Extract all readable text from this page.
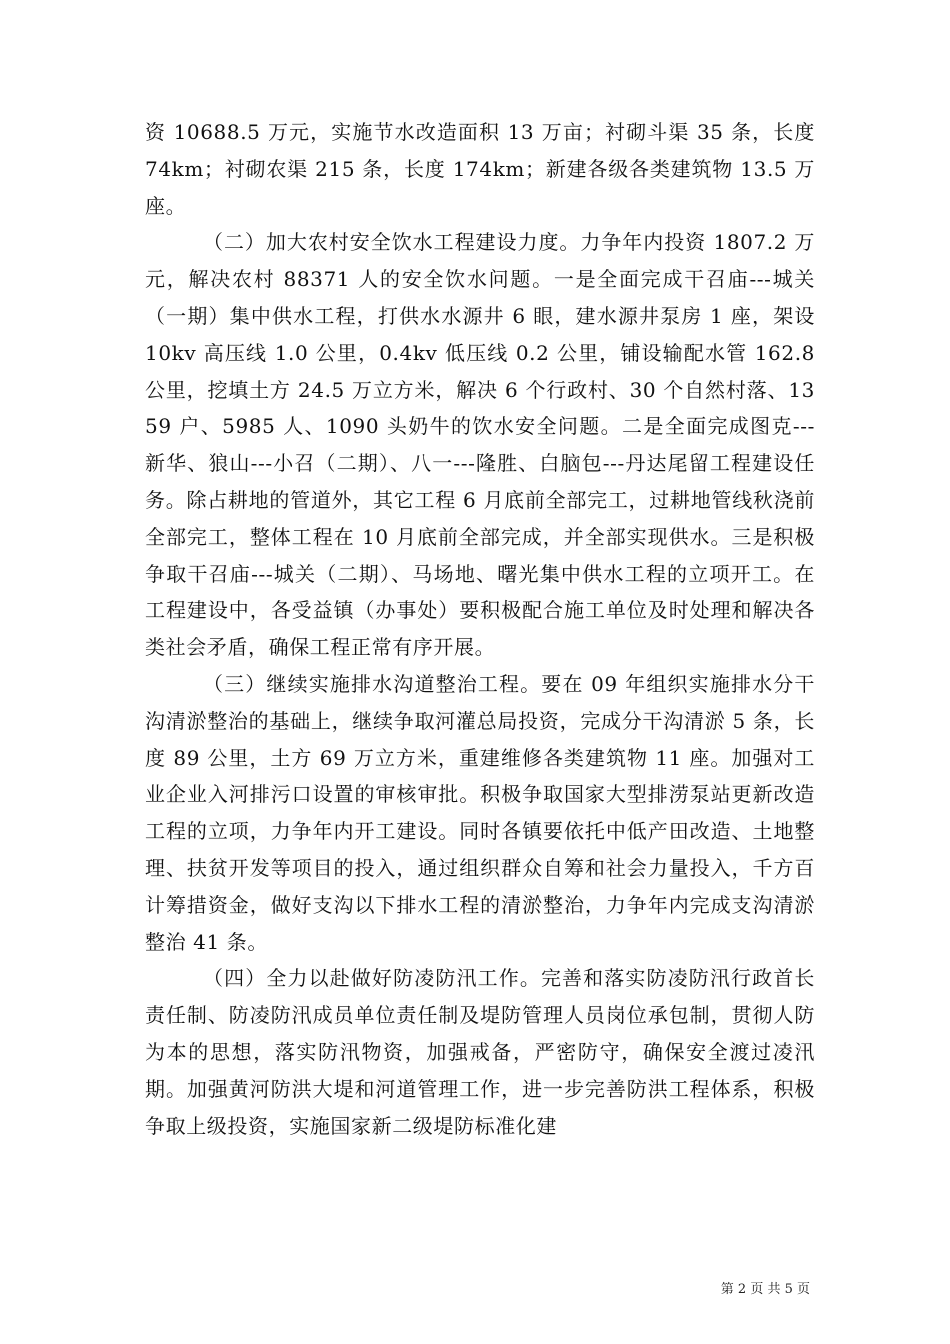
资 10688.5 万元，实施节水改造面积 13 万亩；衬砌斗渠 35 条，长度 74km；衬砌农渠 215 条，长度 174km；新建各级各类建筑物 13.5 万座。

（二）加大农村安全饮水工程建设力度。力争年内投资 1807.2 万元，解决农村 88371 人的安全饮水问题。一是全面完成干召庙---城关（一期）集中供水工程，打供水水源井 6 眼，建水源井泵房 1 座，架设 10kv 高压线 1.0 公里，0.4kv 低压线 0.2 公里，铺设输配水管 162.8 公里，挖填土方 24.5 万立方米，解决 6 个行政村、30 个自然村落、1359 户、5985 人、1090 头奶牛的饮水安全问题。二是全面完成图克---新华、狼山---小召（二期）、八一---隆胜、白脑包---丹达尾留工程建设任务。除占耕地的管道外，其它工程 6 月底前全部完工，过耕地管线秋浇前全部完工，整体工程在 10 月底前全部完成，并全部实现供水。三是积极争取干召庙---城关（二期）、马场地、曙光集中供水工程的立项开工。在工程建设中，各受益镇（办事处）要积极配合施工单位及时处理和解决各类社会矛盾，确保工程正常有序开展。

（三）继续实施排水沟道整治工程。要在 09 年组织实施排水分干沟清淤整治的基础上，继续争取河灌总局投资，完成分干沟清淤 5 条，长度 89 公里，土方 69 万立方米，重建维修各类建筑物 11 座。加强对工业企业入河排污口设置的审核审批。积极争取国家大型排涝泵站更新改造工程的立项，力争年内开工建设。同时各镇要依托中低产田改造、土地整理、扶贫开发等项目的投入，通过组织群众自筹和社会力量投入，千方百计筹措资金，做好支沟以下排水工程的清淤整治，力争年内完成支沟清淤整治 41 条。

（四）全力以赴做好防凌防汛工作。完善和落实防凌防汛行政首长责任制、防凌防汛成员单位责任制及堤防管理人员岗位承包制，贯彻人防为本的思想，落实防汛物资，加强戒备，严密防守，确保安全渡过凌汛期。加强黄河防洪大堤和河道管理工作，进一步完善防洪工程体系，积极争取上级投资，实施国家新二级堤防标准化建

第 2 页 共 5 页
